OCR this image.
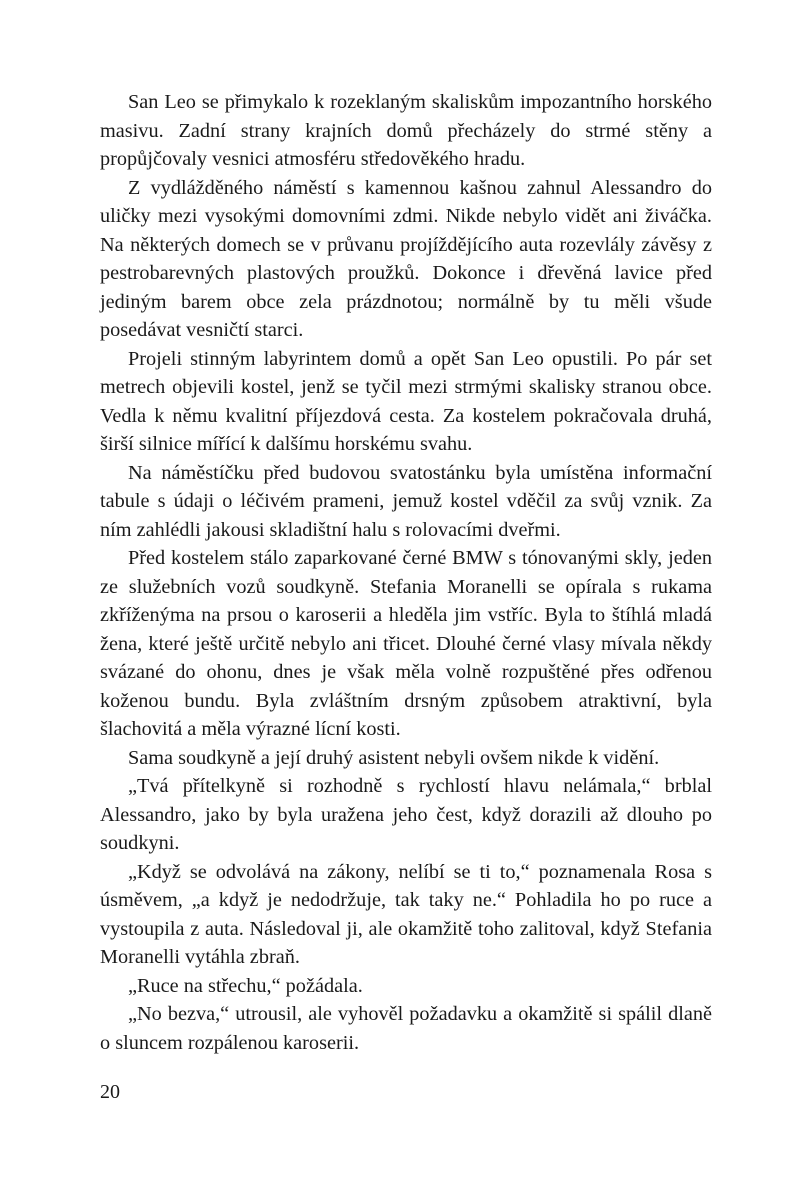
San Leo se přimykalo k rozeklaným skaliskům impozantního horského masivu. Zadní strany krajních domů přecházely do strmé stěny a propůjčovaly vesnici atmosféru středověkého hradu.

Z vydlážděného náměstí s kamennou kašnou zahnul Alessandro do uličky mezi vysokými domovními zdmi. Nikde nebylo vidět ani živáčka. Na některých domech se v průvanu projíždějícího auta rozevlály závěsy z pestrobarevných plastových proužků. Dokonce i dřevěná lavice před jediným barem obce zela prázdnotou; normálně by tu měli všude posedávat vesničtí starci.

Projeli stinným labyrintem domů a opět San Leo opustili. Po pár set metrech objevili kostel, jenž se tyčil mezi strmými skalisky stranou obce. Vedla k němu kvalitní příjezdová cesta. Za kostelem pokračovala druhá, širší silnice mířící k dalšímu horskému svahu.

Na náměstíčku před budovou svatostánku byla umístěna informační tabule s údaji o léčivém prameni, jemuž kostel vděčil za svůj vznik. Za ním zahlédli jakousi skladištní halu s rolovacími dveřmi.

Před kostelem stálo zaparkované černé BMW s tónovanými skly, jeden ze služebních vozů soudkyně. Stefania Moranelli se opírala s rukama zkříženýma na prsou o karoserii a hleděla jim vstříc. Byla to štíhlá mladá žena, které ještě určitě nebylo ani třicet. Dlouhé černé vlasy mívala někdy svázané do ohonu, dnes je však měla volně rozpuštěné přes odřenou koženou bundu. Byla zvláštním drsným způsobem atraktivní, byla šlachovitá a měla výrazné lícní kosti.

Sama soudkyně a její druhý asistent nebyli ovšem nikde k vidění.

„Tvá přítelkyně si rozhodně s rychlostí hlavu nelámala,“ brblal Alessandro, jako by byla uražena jeho čest, když dorazili až dlouho po soudkyni.

„Když se odvolává na zákony, nelíbí se ti to,“ poznamenala Rosa s úsměvem, „a když je nedodržuje, tak taky ne.“ Pohladila ho po ruce a vystoupila z auta. Následoval ji, ale okamžitě toho zalitoval, když Stefania Moranelli vytáhla zbraň.

„Ruce na střechu,“ požádala.

„No bezva,“ utrousil, ale vyhověl požadavku a okamžitě si spálil dlaně o sluncem rozpálenou karoserii.

20
